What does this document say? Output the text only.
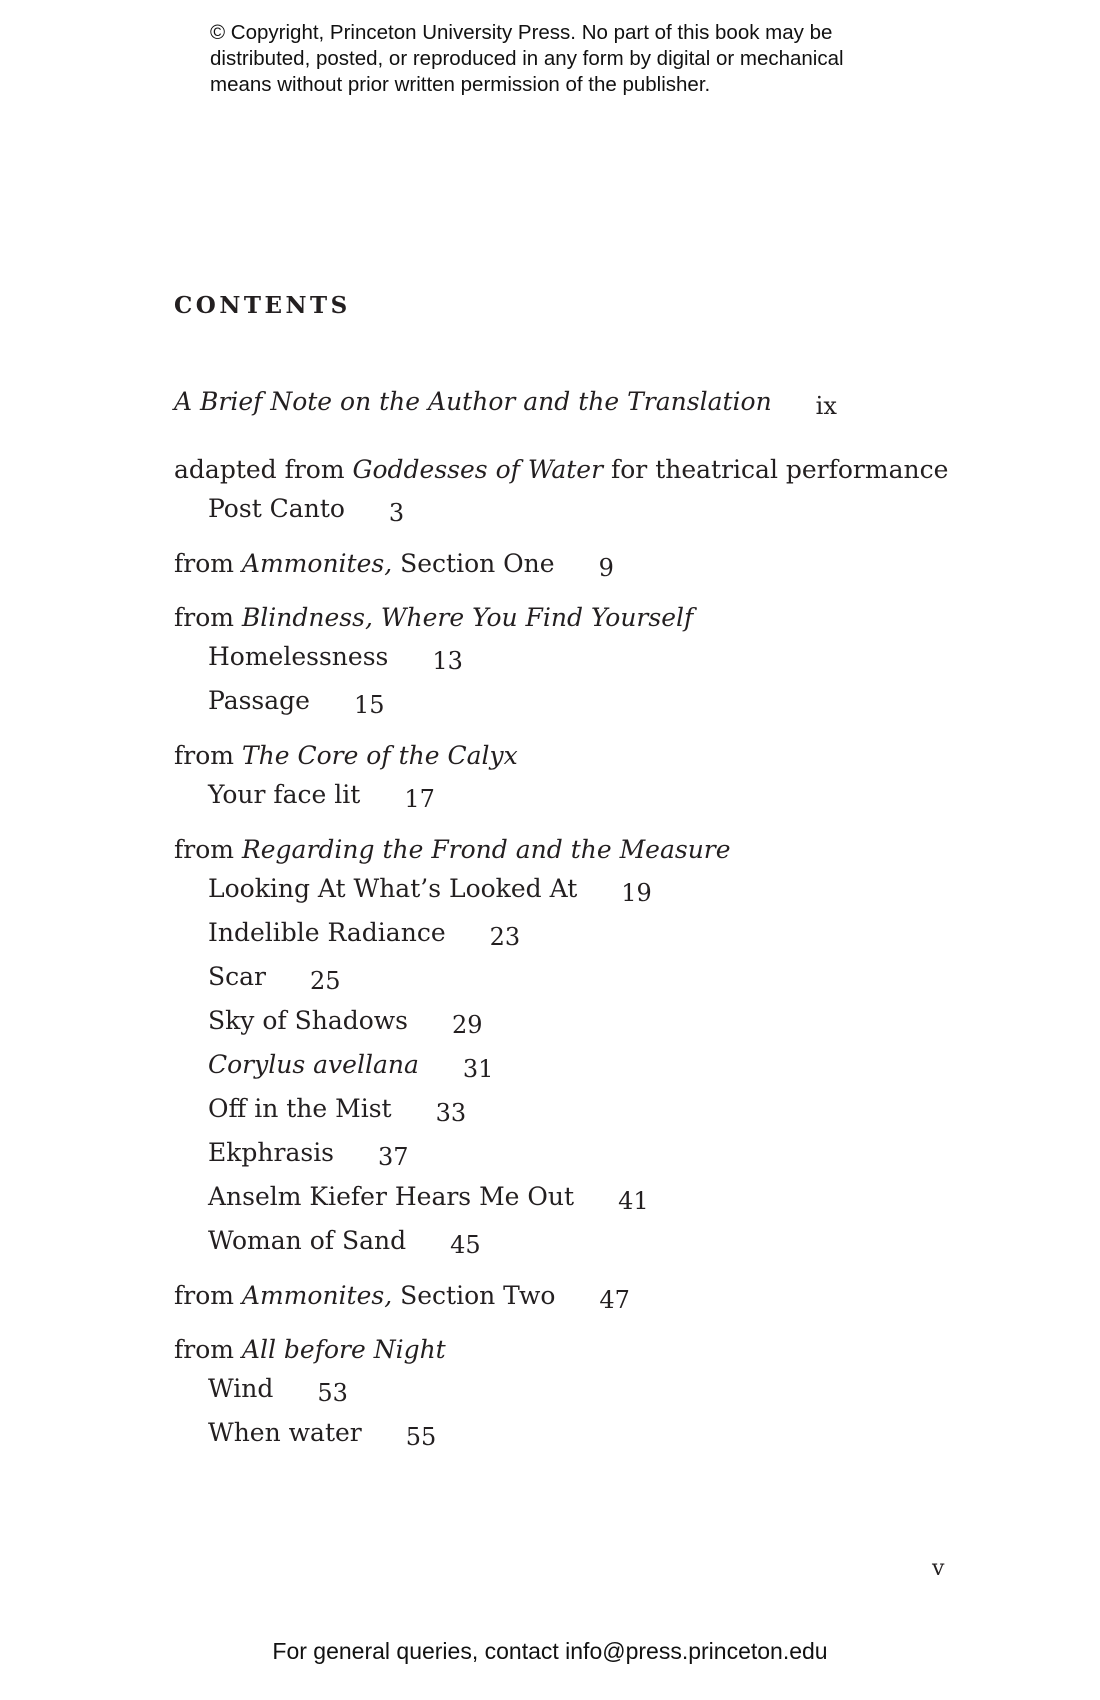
© Copyright, Princeton University Press. No part of this book may be
distributed, posted, or reproduced in any form by digital or mechanical
means without prior written permission of the publisher.
CONTENTS
A Brief Note on the Author and the Translation ix
adapted from Goddesses of Water for theatrical performance
Post Canto 3
from Ammonites, Section One 9
from Blindness, Where You Find Yourself
Homelessness 13
Passage 15
from The Core of the Calyx
Your face lit 17
from Regarding the Frond and the Measure
Looking At What’s Looked At 19
Indelible Radiance 23
Scar 25
Sky of Shadows 29
Corylus avellana 31
Off in the Mist 33
Ekphrasis 37
Anselm Kiefer Hears Me Out 41
Woman of Sand 45
from Ammonites, Section Two 47
from All before Night
Wind 53
When water 55
v
For general queries, contact info@press.princeton.edu
